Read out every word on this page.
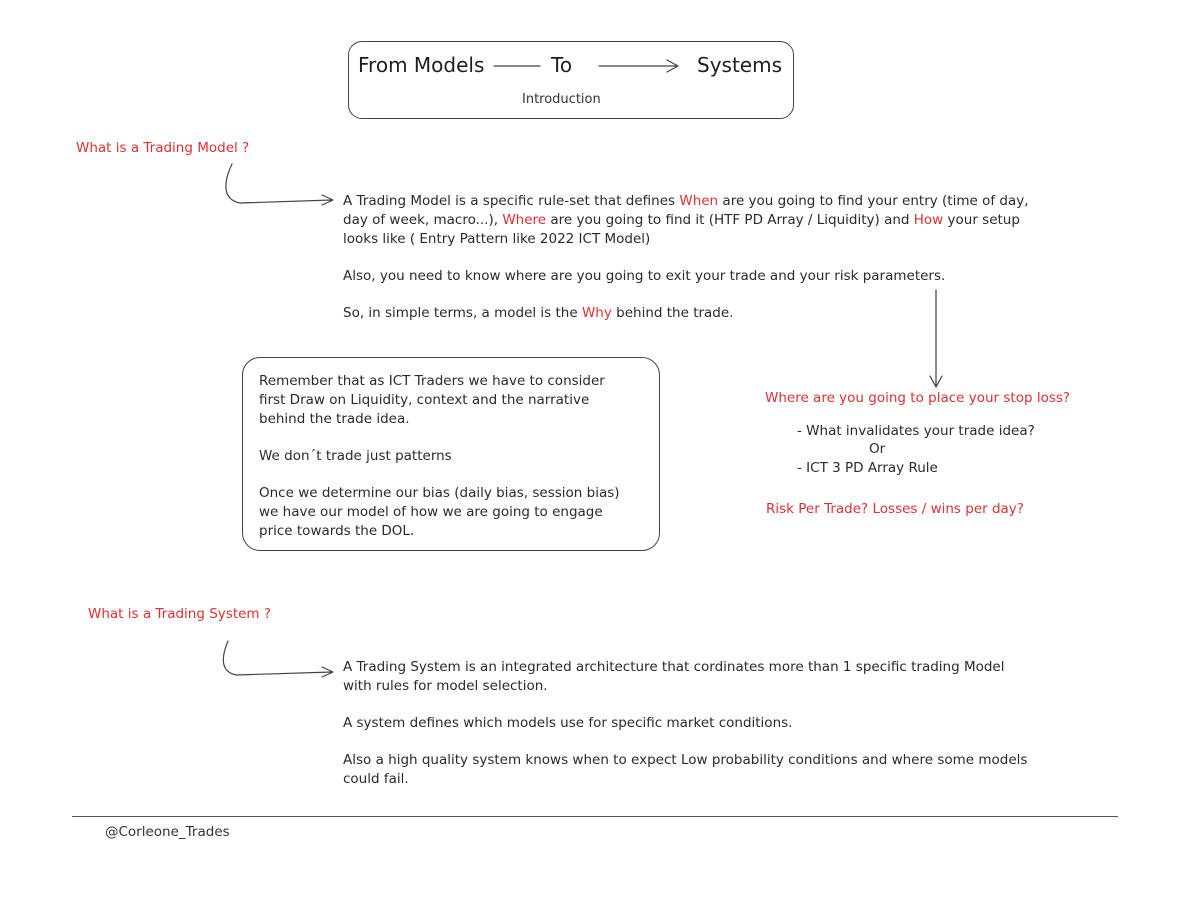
From Models	To	Systems
Introduction
What is a Trading Model ?

A Trading Model is a specific rule-set that defines When are you going to find your entry (time of day,

day of week, macro...), Where are you going to find it (HTF PD Array / Liquidity) and How your setup

looks like ( Entry Pattern like 2022 ICT Model)

Also, you need to know where are you going to exit your trade and your risk parameters.
So, in simple terms, a model is the Why behind the trade.

Remember that as ICT Traders we have to consider

first Draw on Liquidity, context and the narrative

behind the trade idea.

We don´t trade just patterns

Once we determine our bias (daily bias, session bias)

we have our model of how we are going to engage

price towards the DOL.

Where are you going to place your stop loss?
- What invalidates your trade idea?
Or
- ICT 3 PD Array Rule
Risk Per Trade? Losses / wins per day?
What is a Trading System ?

A Trading System is an integrated architecture that cordinates more than 1 specific trading Model

with rules for model selection.

A system defines which models use for specific market conditions.

Also a high quality system knows when to expect Low probability conditions and where some models

could fail.

@Corleone_Trades
